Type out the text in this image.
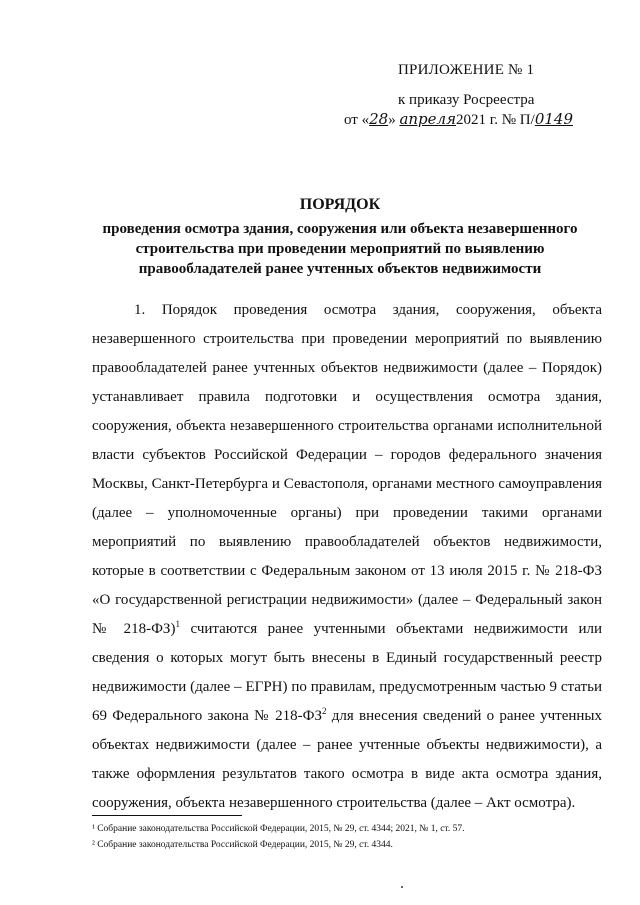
ПРИЛОЖЕНИЕ № 1
к приказу Росреестра
от «28» апреля2021 г. № П/0149
ПОРЯДОК
проведения осмотра здания, сооружения или объекта незавершенного строительства при проведении мероприятий по выявлению правообладателей ранее учтенных объектов недвижимости

1. Порядок проведения осмотра здания, сооружения, объекта незавершенного строительства при проведении мероприятий по выявлению правообладателей ранее учтенных объектов недвижимости (далее – Порядок) устанавливает правила подготовки и осуществления осмотра здания, сооружения, объекта незавершенного строительства органами исполнительной власти субъектов Российской Федерации – городов федерального значения Москвы, Санкт-Петербурга и Севастополя, органами местного самоуправления (далее – уполномоченные органы) при проведении такими органами мероприятий по выявлению правообладателей объектов недвижимости, которые в соответствии с Федеральным законом от 13 июля 2015 г. № 218-ФЗ «О государственной регистрации недвижимости» (далее – Федеральный закон № 218-ФЗ)$^1$ считаются ранее учтенными объектами недвижимости или сведения о которых могут быть внесены в Единый государственный реестр недвижимости (далее – ЕГРН) по правилам, предусмотренным частью 9 статьи 69 Федерального закона № $218-ФЗ^2$ для внесения сведений о ранее учтенных объектах недвижимости (далее – ранее учтенные объекты недвижимости), а также оформления результатов такого осмотра в виде акта осмотра здания, сооружения, объекта незавершенного строительства (далее – Акт осмотра).

¹ Собрание законодательства Российской Федерации, 2015, № 29, ст. 4344; 2021, № 1, ст. 57.
² Собрание законодательства Российской Федерации, 2015, № 29, ст. 4344.
